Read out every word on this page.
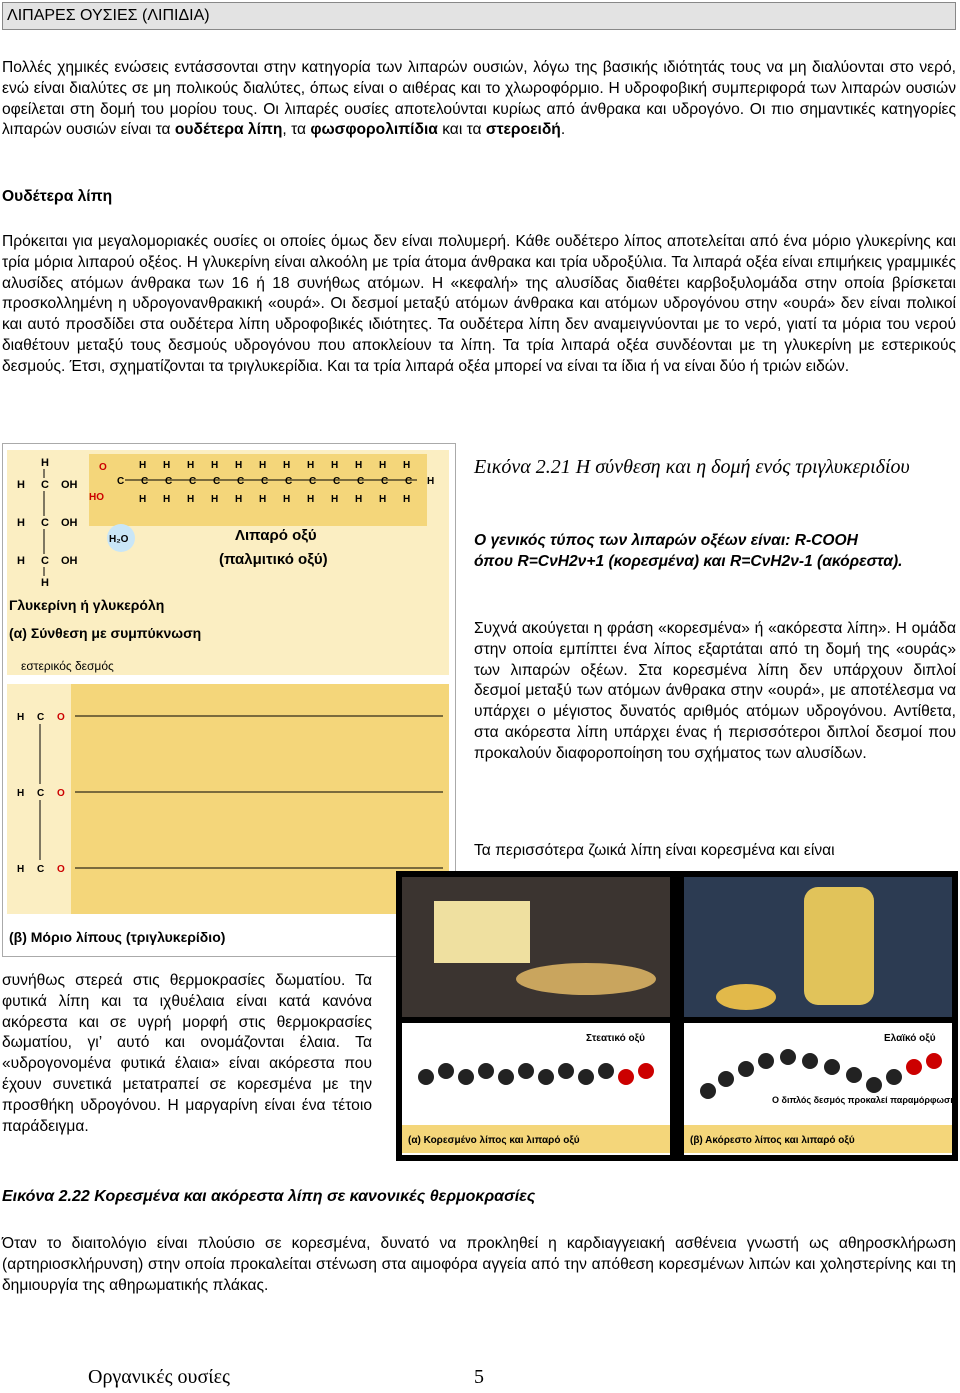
ΛΙΠΑΡΕΣ ΟΥΣΙΕΣ (ΛΙΠΙΔΙΑ)

Πολλές χημικές ενώσεις εντάσσονται στην κατηγορία των λιπαρών ουσιών, λόγω της βασικής ιδιότητάς τους να μη διαλύονται στο νερό, ενώ είναι διαλύτες σε μη πολικούς διαλύτες, όπως είναι ο αιθέρας και το χλωροφόρμιο. Η υδροφοβική συμπεριφορά των λιπαρών ουσιών οφείλεται στη δομή του μορίου τους. Οι λιπαρές ουσίες αποτελούνται κυρίως από άνθρακα και υδρογόνο. Οι πιο σημαντικές κατηγορίες λιπαρών ουσιών είναι τα ουδέτερα λίπη, τα φωσφορολιπίδια και τα στεροειδή.

Ουδέτερα λίπη

Πρόκειται για μεγαλομοριακές ουσίες οι οποίες όμως δεν είναι πολυμερή. Κάθε ουδέτερο λίπος αποτελείται από ένα μόριο γλυκερίνης και τρία μόρια λιπαρού οξέος. Η γλυκερίνη είναι αλκοόλη με τρία άτομα άνθρακα και τρία υδροξύλια. Τα λιπαρά οξέα είναι επιμήκεις γραμμικές αλυσίδες ατόμων άνθρακα των 16 ή 18 συνήθως ατόμων. Η «κεφαλή» της αλυσίδας διαθέτει καρβοξυλομάδα στην οποία βρίσκεται προσκολλημένη η υδρογονανθρακική «ουρά». Οι δεσμοί μεταξύ ατόμων άνθρακα και ατόμων υδρογόνου στην «ουρά» δεν είναι πολικοί και αυτό προσδίδει στα ουδέτερα λίπη υδροφοβικές ιδιότητες. Τα ουδέτερα λίπη δεν αναμειγνύονται με το νερό, γιατί τα μόρια του νερού διαθέτουν μεταξύ τους δεσμούς υδρογόνου που αποκλείουν τα λίπη. Τα τρία λιπαρά οξέα συνδέονται με τη γλυκερίνη με εστερικούς δεσμούς. Έτσι, σχηματίζονται τα τριγλυκερίδια. Και τα τρία λιπαρά οξέα μπορεί να είναι τα ίδια ή να είναι δύο ή τριών ειδών.

H
H C OH
H C OH
H C OH
H
O
C
H
H
C
H
H
C
H
H
C
H
H
C
H
H
C
H
H
C
H
H
C
H
H
C
H
H
C
H
H
C
H
H
C
H
H
C H
HO
H₂O	Λιπαρό οξύ
(παλμιτικό οξύ)
Γλυκερίνη ή γλυκερόλη
(α) Σύνθεση με συμπύκνωση
εστερικός δεσμός
H C O
H C O
H C O
(β) Μόριο λίπους (τριγλυκερίδιο)
Εικόνα 2.21 Η σύνθεση και η δομή ενός τριγλυκεριδίου
Ο γενικός τύπος των λιπαρών οξέων είναι: R-COOH
όπου R=CνH2ν+1 (κορεσμένα) και R=CνH2ν-1 (ακόρεστα).

Συχνά ακούγεται η φράση «κορεσμένα» ή «ακόρεστα λίπη». Η ομάδα στην οποία εμπίπτει ένα λίπος εξαρτάται από τη δομή της «ουράς» των λιπαρών οξέων. Στα κορεσμένα λίπη δεν υπάρχουν διπλοί δεσμοί μεταξύ των ατόμων άνθρακα στην «ουρά», με αποτέλεσμα να υπάρχει ο μέγιστος δυνατός αριθμός ατόμων υδρογόνου. Αντίθετα, στα ακόρεστα λίπη υπάρχει ένας ή περισσότεροι διπλοί δεσμοί που προκαλούν διαφοροποίηση του σχήματος των αλυσίδων.

Τα περισσότερα ζωικά λίπη είναι κορεσμένα και είναι

Στεατικό οξύ	Ελαϊκό οξύ
Ο διπλός δεσμός προκαλεί παραμόρφωση
(α) Κορεσμένο λίπος και λιπαρό οξύ	(β) Ακόρεστο λίπος και λιπαρό οξύ

συνήθως στερεά στις θερμοκρασίες δωματίου. Τα φυτικά λίπη και τα ιχθυέλαια είναι κατά κανόνα ακόρεστα και σε υγρή μορφή στις θερμοκρασίες δωματίου, γι’ αυτό και ονομάζονται έλαια. Τα «υδρογονομένα φυτικά έλαια» είναι ακόρεστα που έχουν συνετικά μετατραπεί σε κορεσμένα με την προσθήκη υδρογόνου. Η μαργαρίνη είναι ένα τέτοιο παράδειγμα.

Εικόνα 2.22 Κορεσμένα και ακόρεστα λίπη σε κανονικές θερμοκρασίες

Όταν το διαιτολόγιο είναι πλούσιο σε κορεσμένα, δυνατό να προκληθεί η καρδιαγγειακή ασθένεια γνωστή ως αθηροσκλήρωση (αρτηριοσκλήρυνση) στην οποία προκαλείται στένωση στα αιμοφόρα αγγεία από την απόθεση κορεσμένων λιπών και χοληστερίνης και τη δημιουργία της αθηρωματικής πλάκας.

Οργανικές ουσίες	5
